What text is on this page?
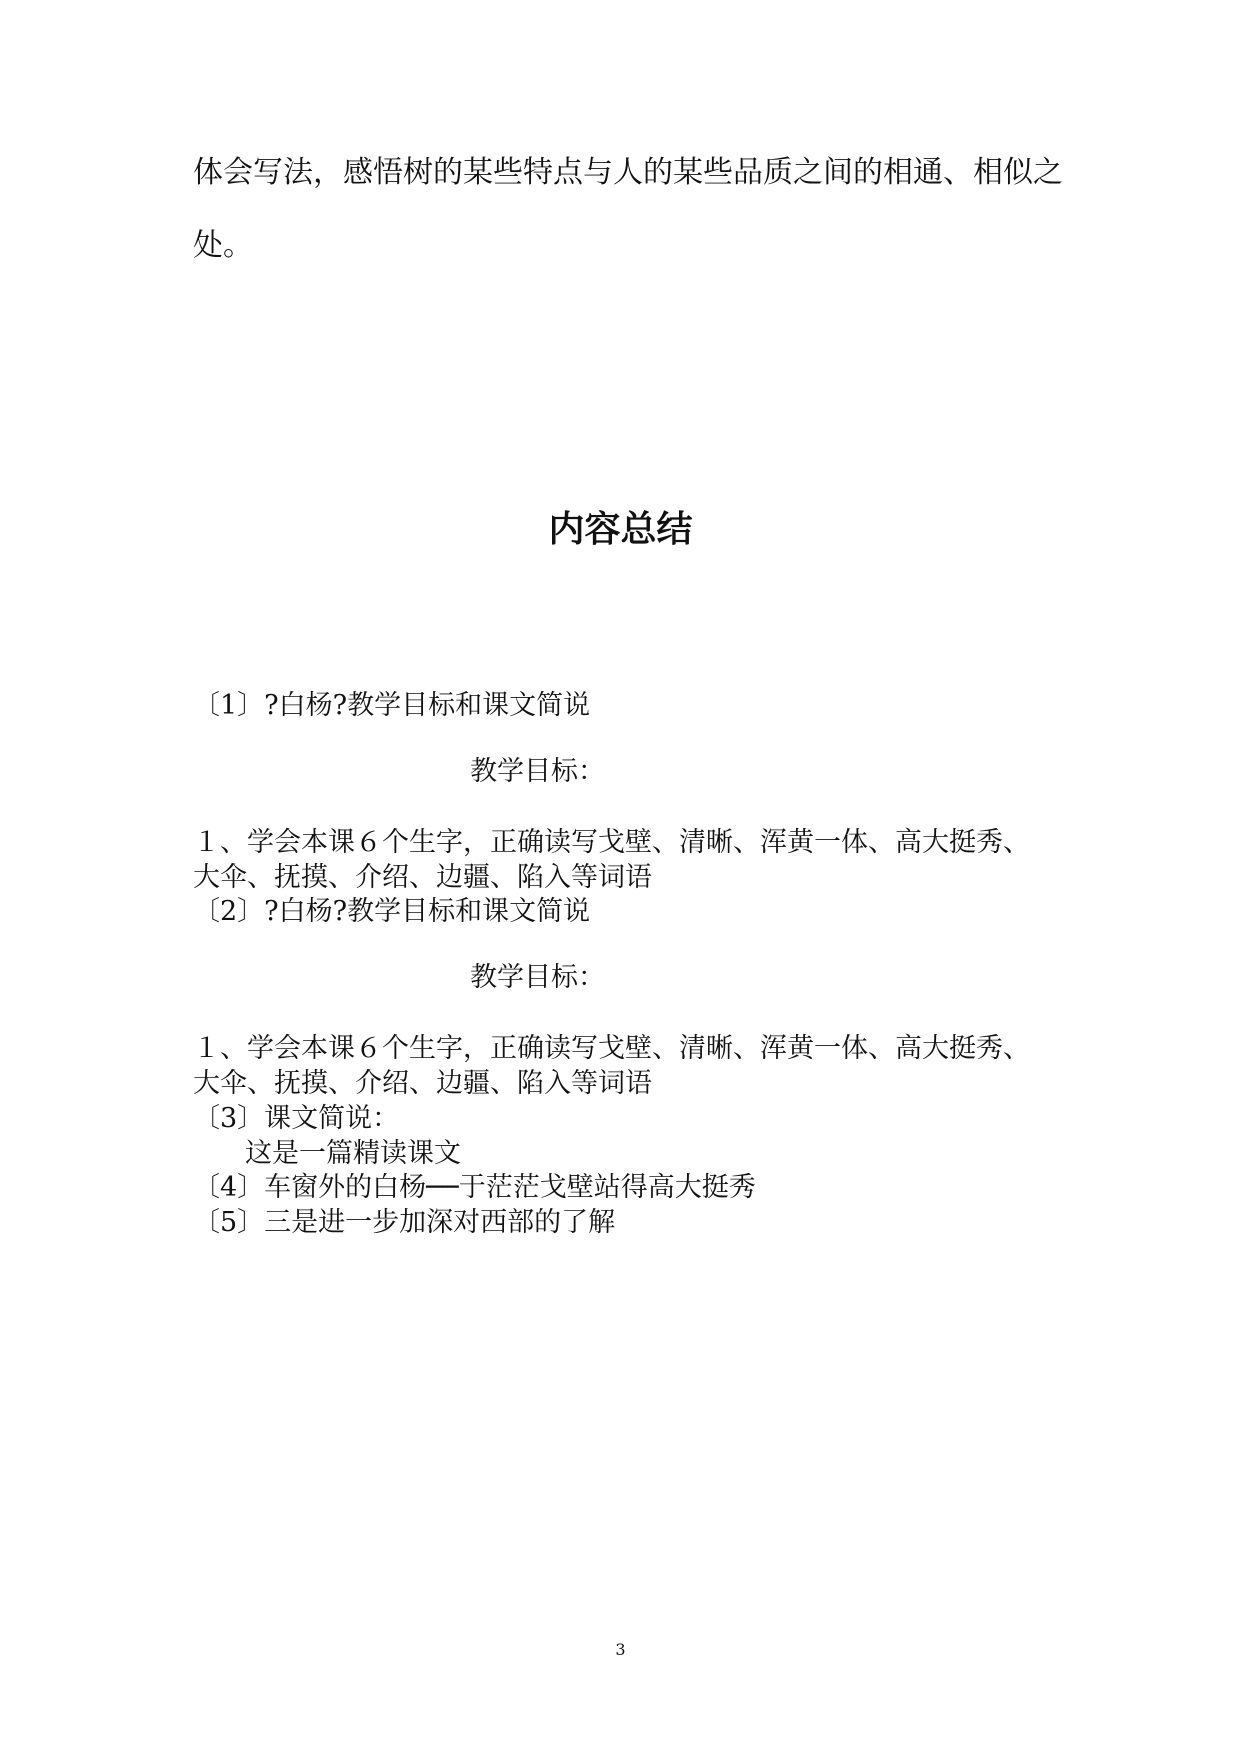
体会写法，感悟树的某些特点与人的某些品质之间的相通、相似之
处。
内容总结
〔1〕?白杨?教学目标和课文简说
教学目标：
１、学会本课６个生字，正确读写戈壁、清晰、浑黄一体、高大挺秀、
大伞、抚摸、介绍、边疆、陷入等词语
〔2〕?白杨?教学目标和课文简说
教学目标：
１、学会本课６个生字，正确读写戈壁、清晰、浑黄一体、高大挺秀、
大伞、抚摸、介绍、边疆、陷入等词语
〔3〕课文简说：
这是一篇精读课文
〔4〕车窗外的白杨──于茫茫戈壁站得高大挺秀
〔5〕三是进一步加深对西部的了解
3
